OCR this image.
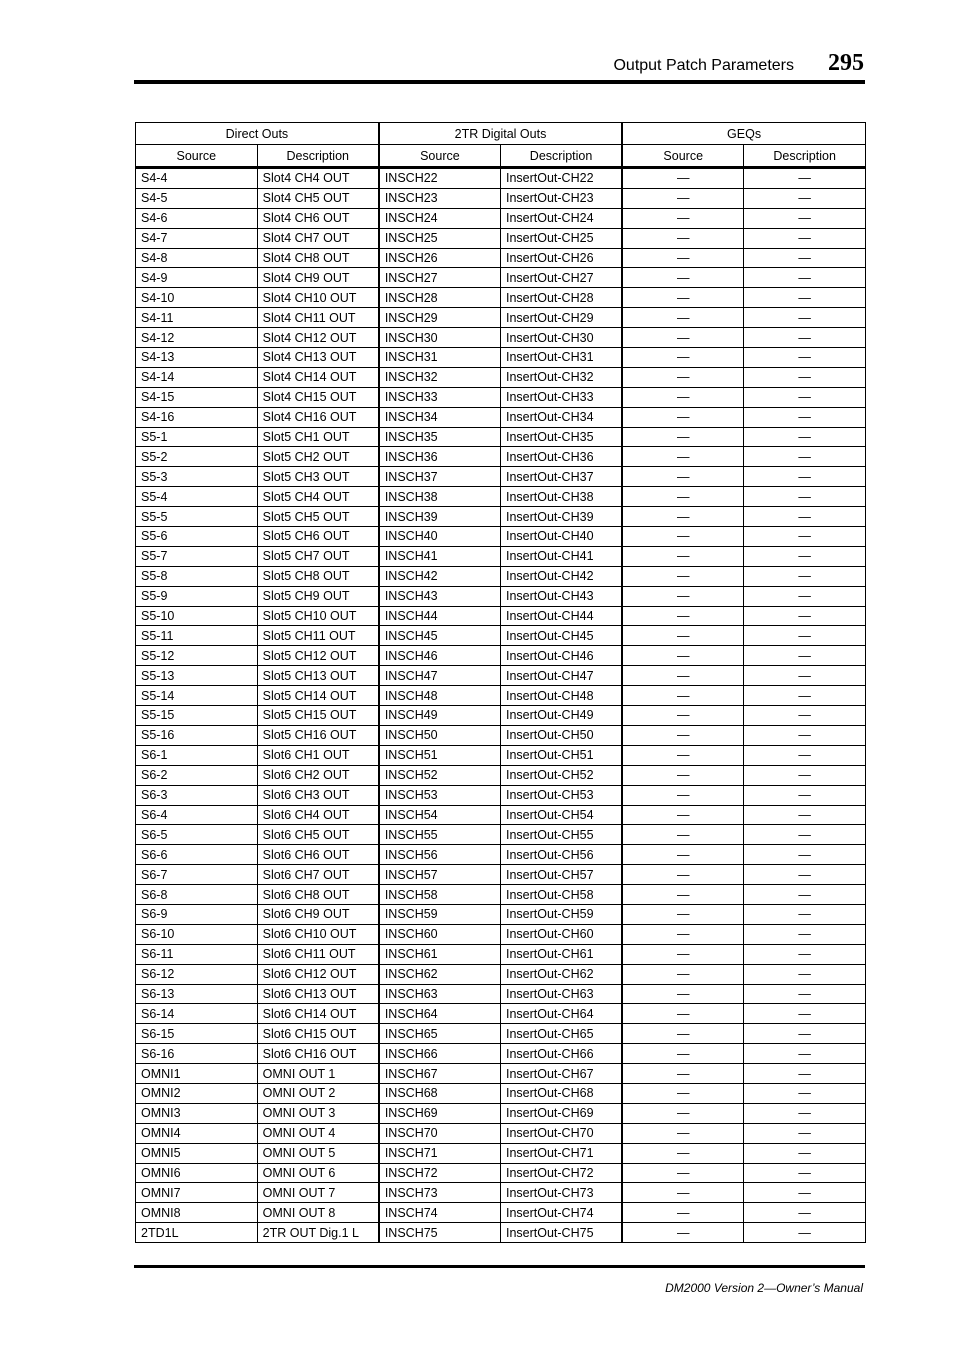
Output Patch Parameters	295
Direct Outs		2TR Digital Outs		GEQs	
Source	Description	Source	Description	Source	Description
S4-4	Slot4 CH4 OUT	INSCH22	InsertOut-CH22	—	—
S4-5	Slot4 CH5 OUT	INSCH23	InsertOut-CH23	—	—
S4-6	Slot4 CH6 OUT	INSCH24	InsertOut-CH24	—	—
S4-7	Slot4 CH7 OUT	INSCH25	InsertOut-CH25	—	—
S4-8	Slot4 CH8 OUT	INSCH26	InsertOut-CH26	—	—
S4-9	Slot4 CH9 OUT	INSCH27	InsertOut-CH27	—	—
S4-10	Slot4 CH10 OUT	INSCH28	InsertOut-CH28	—	—
S4-11	Slot4 CH11 OUT	INSCH29	InsertOut-CH29	—	—
S4-12	Slot4 CH12 OUT	INSCH30	InsertOut-CH30	—	—
S4-13	Slot4 CH13 OUT	INSCH31	InsertOut-CH31	—	—
S4-14	Slot4 CH14 OUT	INSCH32	InsertOut-CH32	—	—
S4-15	Slot4 CH15 OUT	INSCH33	InsertOut-CH33	—	—
S4-16	Slot4 CH16 OUT	INSCH34	InsertOut-CH34	—	—
S5-1	Slot5 CH1 OUT	INSCH35	InsertOut-CH35	—	—
S5-2	Slot5 CH2 OUT	INSCH36	InsertOut-CH36	—	—
S5-3	Slot5 CH3 OUT	INSCH37	InsertOut-CH37	—	—
S5-4	Slot5 CH4 OUT	INSCH38	InsertOut-CH38	—	—
S5-5	Slot5 CH5 OUT	INSCH39	InsertOut-CH39	—	—
S5-6	Slot5 CH6 OUT	INSCH40	InsertOut-CH40	—	—
S5-7	Slot5 CH7 OUT	INSCH41	InsertOut-CH41	—	—
S5-8	Slot5 CH8 OUT	INSCH42	InsertOut-CH42	—	—
S5-9	Slot5 CH9 OUT	INSCH43	InsertOut-CH43	—	—
S5-10	Slot5 CH10 OUT	INSCH44	InsertOut-CH44	—	—
S5-11	Slot5 CH11 OUT	INSCH45	InsertOut-CH45	—	—
S5-12	Slot5 CH12 OUT	INSCH46	InsertOut-CH46	—	—
S5-13	Slot5 CH13 OUT	INSCH47	InsertOut-CH47	—	—
S5-14	Slot5 CH14 OUT	INSCH48	InsertOut-CH48	—	—
S5-15	Slot5 CH15 OUT	INSCH49	InsertOut-CH49	—	—
S5-16	Slot5 CH16 OUT	INSCH50	InsertOut-CH50	—	—
S6-1	Slot6 CH1 OUT	INSCH51	InsertOut-CH51	—	—
S6-2	Slot6 CH2 OUT	INSCH52	InsertOut-CH52	—	—
S6-3	Slot6 CH3 OUT	INSCH53	InsertOut-CH53	—	—
S6-4	Slot6 CH4 OUT	INSCH54	InsertOut-CH54	—	—
S6-5	Slot6 CH5 OUT	INSCH55	InsertOut-CH55	—	—
S6-6	Slot6 CH6 OUT	INSCH56	InsertOut-CH56	—	—
S6-7	Slot6 CH7 OUT	INSCH57	InsertOut-CH57	—	—
S6-8	Slot6 CH8 OUT	INSCH58	InsertOut-CH58	—	—
S6-9	Slot6 CH9 OUT	INSCH59	InsertOut-CH59	—	—
S6-10	Slot6 CH10 OUT	INSCH60	InsertOut-CH60	—	—
S6-11	Slot6 CH11 OUT	INSCH61	InsertOut-CH61	—	—
S6-12	Slot6 CH12 OUT	INSCH62	InsertOut-CH62	—	—
S6-13	Slot6 CH13 OUT	INSCH63	InsertOut-CH63	—	—
S6-14	Slot6 CH14 OUT	INSCH64	InsertOut-CH64	—	—
S6-15	Slot6 CH15 OUT	INSCH65	InsertOut-CH65	—	—
S6-16	Slot6 CH16 OUT	INSCH66	InsertOut-CH66	—	—
OMNI1	OMNI OUT 1	INSCH67	InsertOut-CH67	—	—
OMNI2	OMNI OUT 2	INSCH68	InsertOut-CH68	—	—
OMNI3	OMNI OUT 3	INSCH69	InsertOut-CH69	—	—
OMNI4	OMNI OUT 4	INSCH70	InsertOut-CH70	—	—
OMNI5	OMNI OUT 5	INSCH71	InsertOut-CH71	—	—
OMNI6	OMNI OUT 6	INSCH72	InsertOut-CH72	—	—
OMNI7	OMNI OUT 7	INSCH73	InsertOut-CH73	—	—
OMNI8	OMNI OUT 8	INSCH74	InsertOut-CH74	—	—
2TD1L	2TR OUT Dig.1 L	INSCH75	InsertOut-CH75	—	—
DM2000 Version 2—Owner’s Manual
